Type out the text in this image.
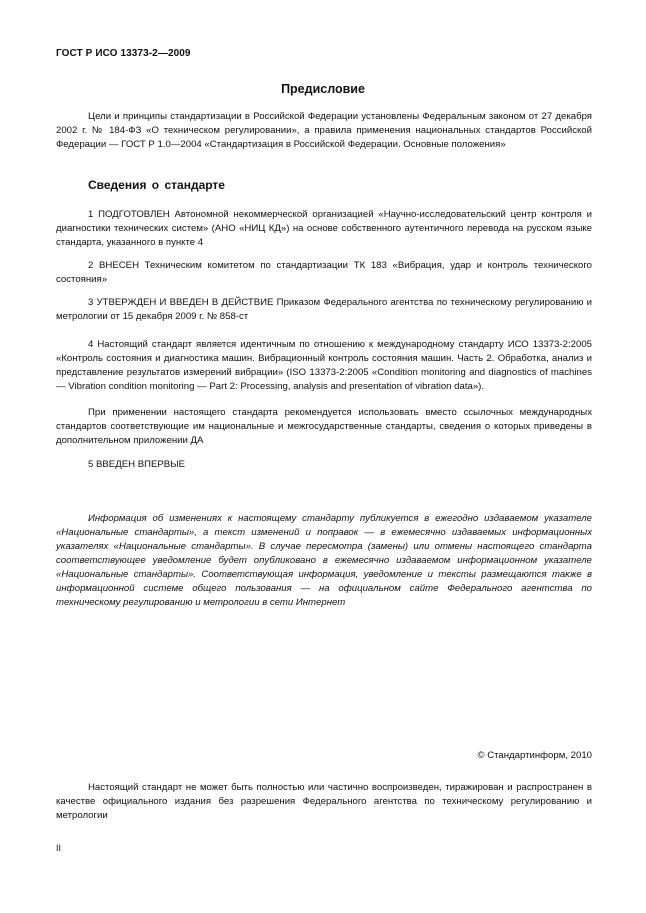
ГОСТ Р ИСО 13373-2—2009
Предисловие

Цели и принципы стандартизации в Российской Федерации установлены Федеральным законом от 27 декабря 2002 г. № 184-ФЗ «О техническом регулировании», а правила применения национальных стандартов Российской Федерации — ГОСТ Р 1.0—2004 «Стандартизация в Российской Федерации. Основные положения»

Сведения о стандарте

1 ПОДГОТОВЛЕН Автономной некоммерческой организацией «Научно-исследовательский центр контроля и диагностики технических систем» (АНО «НИЦ КД») на основе собственного аутентичного перевода на русском языке стандарта, указанного в пункте 4

2 ВНЕСЕН Техническим комитетом по стандартизации ТК 183 «Вибрация, удар и контроль технического состояния»

3 УТВЕРЖДЕН И ВВЕДЕН В ДЕЙСТВИЕ Приказом Федерального агентства по техническому регулированию и метрологии от 15 декабря 2009 г. № 858-ст

4 Настоящий стандарт является идентичным по отношению к международному стандарту ИСО 13373-2:2005 «Контроль состояния и диагностика машин. Вибрационный контроль состояния машин. Часть 2. Обработка, анализ и представление результатов измерений вибрации» (ISO 13373-2:2005 «Condition monitoring and diagnostics of machines — Vibration condition monitoring — Part 2: Processing, analysis and presentation of vibration data»).

При применении настоящего стандарта рекомендуется использовать вместо ссылочных международных стандартов соответствующие им национальные и межгосударственные стандарты, сведения о которых приведены в дополнительном приложении ДА

5 ВВЕДЕН ВПЕРВЫЕ

Информация об изменениях к настоящему стандарту публикуется в ежегодно издаваемом указателе «Национальные стандарты», а текст изменений и поправок — в ежемесячно издаваемых информационных указателях «Национальные стандарты». В случае пересмотра (замены) или отмены настоящего стандарта соответствующее уведомление будет опубликовано в ежемесячно издаваемом информационном указателе «Национальные стандарты». Соответствующая информация, уведомление и тексты размещаются также в информационной системе общего пользования — на официальном сайте Федерального агентства по техническому регулированию и метрологии в сети Интернет

© Стандартинформ, 2010

Настоящий стандарт не может быть полностью или частично воспроизведен, тиражирован и распространен в качестве официального издания без разрешения Федерального агентства по техническому регулированию и метрологии

II
